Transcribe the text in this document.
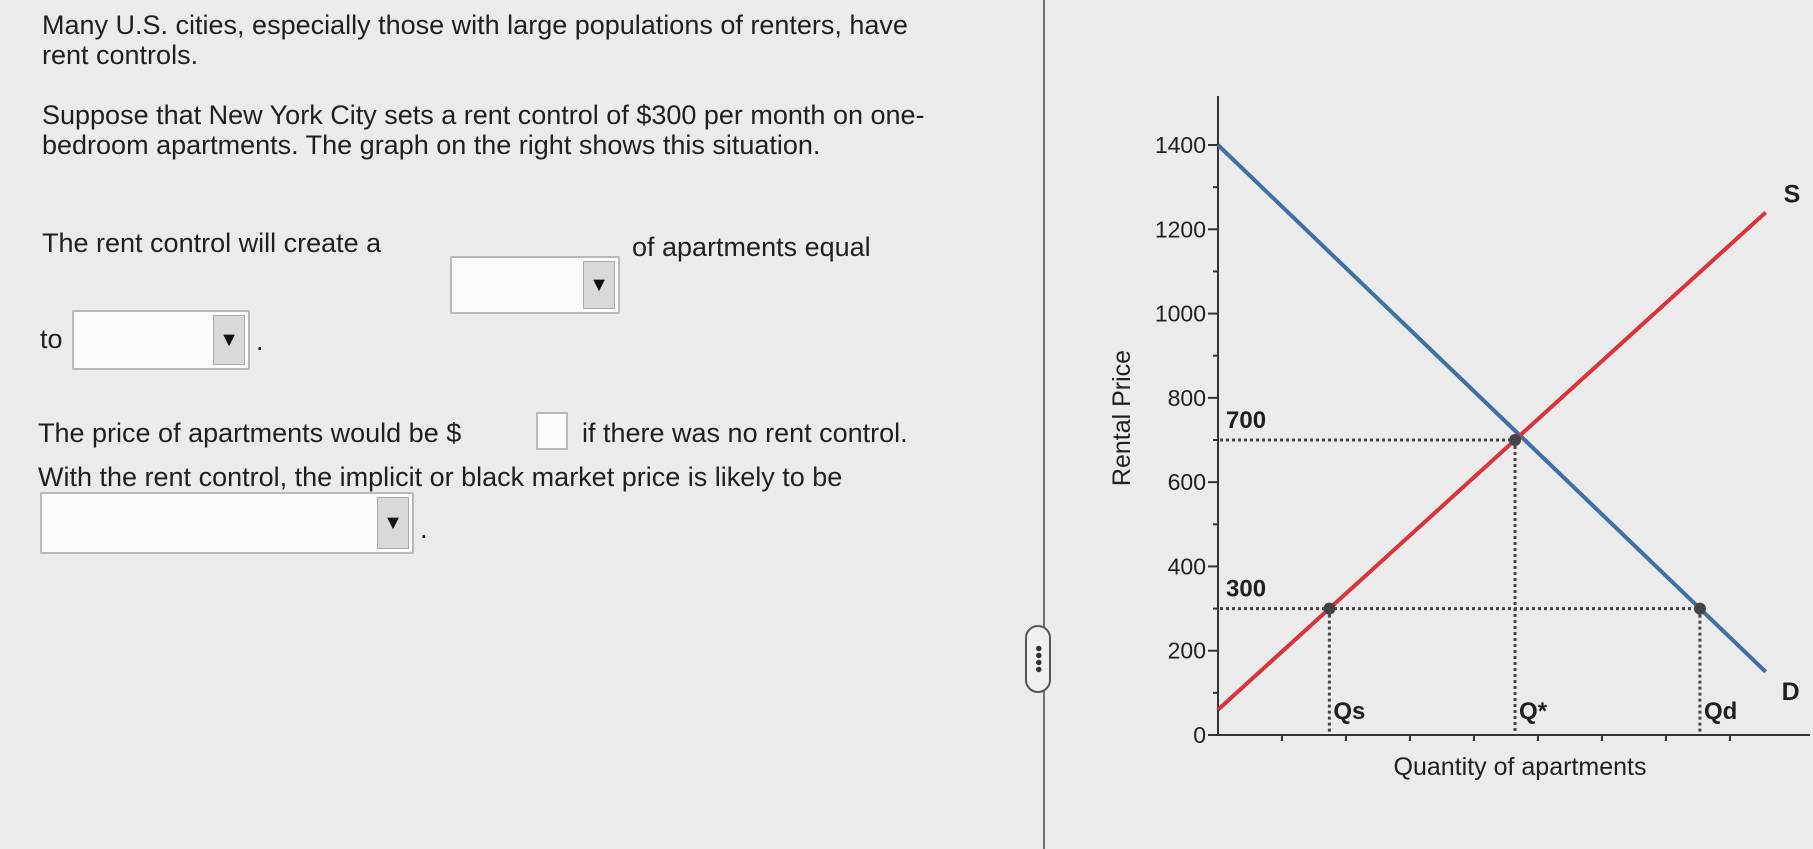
Many U.S. cities, especially those with large populations of renters, have rent controls.

Suppose that New York City sets a rent control of $300 per month on one-bedroom apartments. The graph on the right shows this situation.

The rent control will create a
▼
of apartments equal
to	▼ .
The price of apartments would be $	if there was no rent control.
With the rent control, the implicit or black market price is likely to be
▼ .
••••
0
200
400
600
800
1000
1200
1400
Rental Price
Quantity of apartments
D
S
700
300
Qs	Q*	Qd
